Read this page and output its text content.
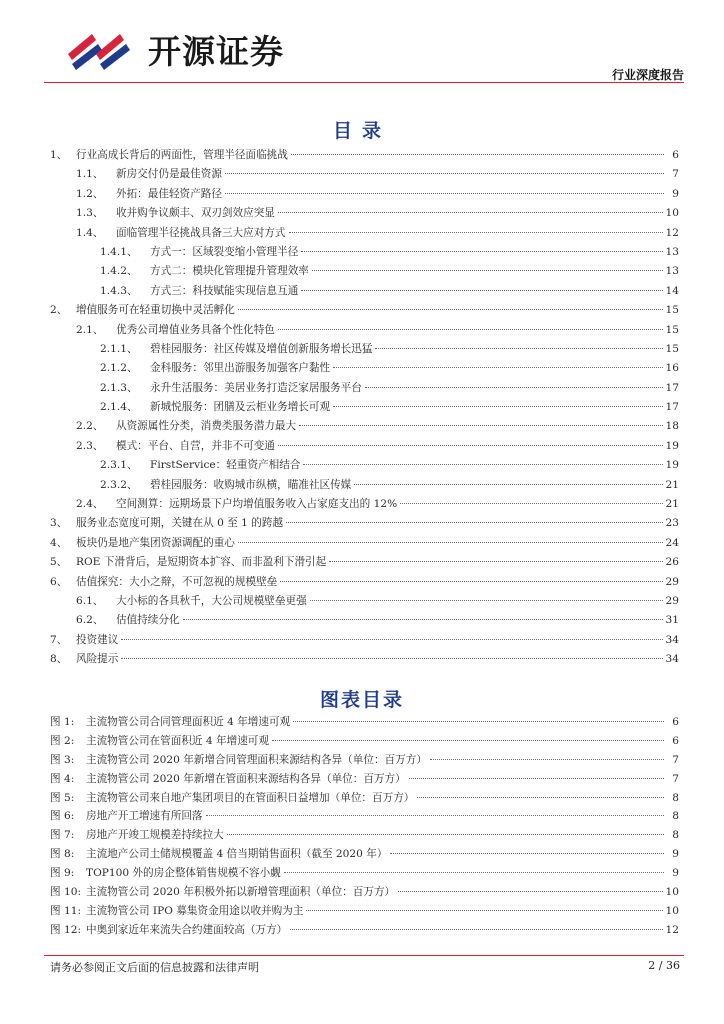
开源证券
行业深度报告
目录
1、 行业高成长背后的两面性，管理半径面临挑战	6
1.1、	新房交付仍是最佳资源	7
1.2、	外拓：最佳轻资产路径	9
1.3、	收并购争议颇丰、双刃剑效应突显	10
1.4、	面临管理半径挑战具备三大应对方式	12
1.4.1、	方式一：区域裂变缩小管理半径	13
1.4.2、	方式二：模块化管理提升管理效率	13
1.4.3、	方式三：科技赋能实现信息互通	14
2、 增值服务可在轻重切换中灵活孵化	15
2.1、	优秀公司增值业务具备个性化特色	15
2.1.1、	碧桂园服务：社区传媒及增值创新服务增长迅猛	15
2.1.2、	金科服务：邻里出游服务加强客户黏性	16
2.1.3、	永升生活服务：美居业务打造泛家居服务平台	17
2.1.4、	新城悦服务：团膳及云柜业务增长可观	17
2.2、	从资源属性分类，消费类服务潜力最大	18
2.3、	模式：平台、自营，并非不可变通	19
2.3.1、	FirstService：轻重资产相结合	19
2.3.2、	碧桂园服务：收购城市纵横，瞄准社区传媒	21
2.4、	空间测算：远期场景下户均增值服务收入占家庭支出的 12%	21
3、 服务业态宽度可期，关键在从 0 至 1 的跨越	23
4、 板块仍是地产集团资源调配的重心	24
5、 ROE 下滑背后，是短期资本扩容、而非盈利下滑引起	26
6、 估值探究：大小之辩，不可忽视的规模壁垒	29
6.1、	大小标的各具秋千，大公司规模壁垒更强	29
6.2、	估值持续分化	31
7、 投资建议	34
8、 风险提示	34
图表目录
图 1:	主流物管公司合同管理面积近 4 年增速可观	6
图 2:	主流物管公司在管面积近 4 年增速可观	6
图 3:	主流物管公司 2020 年新增合同管理面积来源结构各异（单位：百万方）	7
图 4:	主流物管公司 2020 年新增在管面积来源结构各异（单位：百万方）	7
图 5:	主流物管公司来自地产集团项目的在管面积日益增加（单位：百万方）	8
图 6:	房地产开工增速有所回落	8
图 7:	房地产开竣工规模差持续拉大	8
图 8:	主流地产公司土储规模覆盖 4 倍当期销售面积（截至 2020 年）	9
图 9:	TOP100 外的房企整体销售规模不容小觑	9
图 10: 主流物管公司 2020 年积极外拓以新增管理面积（单位：百万方）	10
图 11: 主流物管公司 IPO 募集资金用途以收并购为主	10
图 12: 中奥到家近年来流失合约建面较高（万方）	12
请务必参阅正文后面的信息披露和法律声明	2 / 36
